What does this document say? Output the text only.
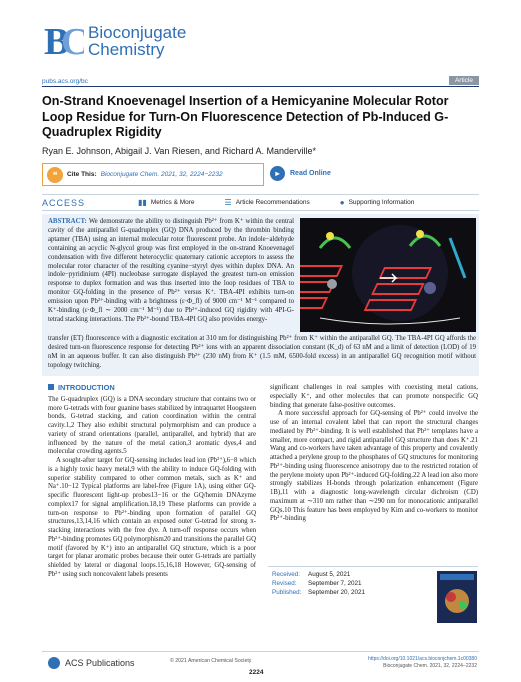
B
C Bioconjugate
Chemistry
pubs.acs.org/bc	Article
On-Strand Knoevenagel Insertion of a Hemicyanine Molecular Rotor Loop Residue for Turn-On Fluorescence Detection of Pb-Induced G-Quadruplex Rigidity
Ryan E. Johnson, Abigail J. Van Riesen, and Richard A. Manderville*
❝	Cite This: Bioconjugate Chem. 2021, 32, 2224−2232	▸	Read Online
ACCESS	▮▮ Metrics & More	☰ Article Recommendations	● Supporting Information
ABSTRACT: We demonstrate the ability to distinguish Pb²⁺ from K⁺ within the central cavity of the antiparallel G-quadruplex (GQ) DNA produced by the thrombin binding aptamer (TBA) using an internal molecular rotor fluorescent probe. An indole−aldehyde containing an acyclic N-glycol group was first employed in the on-strand Knoevenagel condensation with five different heterocyclic quaternary cationic acceptors to assess the molecular rotor character of the resulting cyanine−styryl dyes within duplex DNA. An indole−pyridinium (4PI) nucleobase surrogate displayed the greatest turn-on emission response to duplex formation and was thus inserted into the loop residues of TBA to monitor GQ-folding in the presence of Pb²⁺ versus K⁺. TBA-4PI exhibits turn-on emission upon Pb²⁺-binding with a brightness (ε·Φ_fl) of 9000 cm⁻¹ M⁻¹ compared to K⁺-binding (ε·Φ_fl ∼ 2000 cm⁻¹ M⁻¹) due to Pb²⁺-induced GQ rigidity with 4PI-G-tetrad stacking interactions. The Pb²⁺-bound TBA-4PI GQ also provides energy-
transfer (ET) fluorescence with a diagnostic excitation at 310 nm for distinguishing Pb²⁺ from K⁺ within the antiparallel GQ. The TBA-4PI GQ affords the desired turn-on fluorescence response for detecting Pb²⁺ ions with an apparent dissociation constant (K_d) of 63 nM and a limit of detection (LOD) of 19 nM in an aqueous buffer. It can also distinguish Pb²⁺ (230 nM) from K⁺ (1.5 mM, 6500-fold excess) in an antiparallel GQ recognition motif without topology twitching.
INTRODUCTION

The G-quadruplex (GQ) is a DNA secondary structure that contains two or more G-tetrads with four guanine bases stabilized by intraquartet Hoogsteen bonds, G-tetrad stacking, and cation coordination within the central cavity.1,2 They also exhibit structural polymorphism and can produce a variety of strand orientations (parallel, antiparallel, and hybrid) that are influenced by the nature of the metal cation,3 aromatic dyes,4 and molecular crowding agents.5

A sought-after target for GQ-sensing includes lead ion (Pb²⁺),6−8 which is a highly toxic heavy metal,9 with the ability to induce GQ-folding with superior stability compared to other common metals, such as K⁺ and Na⁺.10−12 Typical platforms are label-free (Figure 1A), using either GQ-specific fluorescent light-up probes13−16 or the GQ/hemin DNAzyme complex17 for signal amplification.18,19 These platforms can provide a turn-on response to Pb²⁺-binding upon formation of parallel GQ structures,13,14,16 which contain an exposed outer G-tetrad for strong π-stacking interactions with the free dye. A turn-off response occurs when Pb²⁺-binding promotes GQ polymorphism20 and transitions the parallel GQ motif (favored by K⁺) into an antiparallel GQ structure, which is a poor target for planar aromatic probes because their outer G-tetrads are partially shielded by lateral or diagonal loops.15,16,18 However, GQ-sensing of Pb²⁺ using such noncovalent labels presents

significant challenges in real samples with coexisting metal cations, especially K⁺, and other molecules that can promote nonspecific GQ binding that generate false-positive outcomes.

A more successful approach for GQ-sensing of Pb²⁺ could involve the use of an internal covalent label that can report the structural changes mediated by Pb²⁺-binding. It is well established that Pb²⁺ templates have a smaller, more compact, and rigid antiparallel GQ structure than does K⁺.21 Wang and co-workers have taken advantage of this property and covalently attached a perylene group to the phosphates of GQ structures for monitoring Pb²⁺-binding using fluorescence anisotropy due to the restricted rotation of the perylene moiety upon Pb²⁺-induced GQ-folding.22 A lead ion also more strongly stabilizes H-bonds through polarization enhancement (Figure 1B),11 with a diagnostic long-wavelength circular dichroism (CD) maximum at ∼310 nm rather than ∼290 nm for monocationic antiparallel GQs.10 This feature has been employed by Kim and co-workers to monitor Pb²⁺-binding

Received: August 5, 2021
Revised: September 7, 2021
Published: September 20, 2021
ACS Publications	© 2021 American Chemical Society
2224
https://doi.org/10.1021/acs.bioconjchem.1c00380
Bioconjugate Chem. 2021, 32, 2224−2232
